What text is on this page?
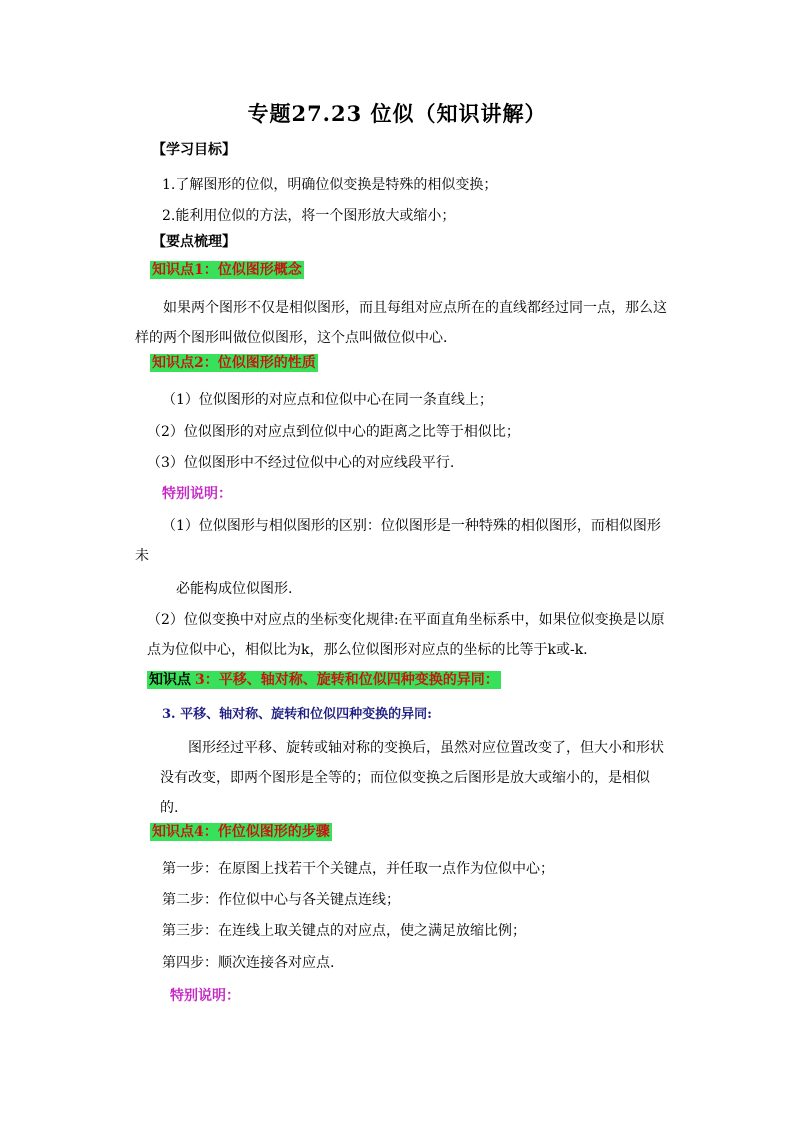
专题27.23 位似（知识讲解）
【学习目标】
1.了解图形的位似，明确位似变换是特殊的相似变换；
2.能利用位似的方法，将一个图形放大或缩小；
【要点梳理】
知识点1：位似图形概念
如果两个图形不仅是相似图形，而且每组对应点所在的直线都经过同一点，那么这
样的两个图形叫做位似图形，这个点叫做位似中心．
知识点2：位似图形的性质
（1）位似图形的对应点和位似中心在同一条直线上；
（2）位似图形的对应点到位似中心的距离之比等于相似比；
（3）位似图形中不经过位似中心的对应线段平行.
特别说明：
（1）位似图形与相似图形的区别：位似图形是一种特殊的相似图形，而相似图形
未
必能构成位似图形.
（2）位似变换中对应点的坐标变化规律:在平面直角坐标系中，如果位似变换是以原
点为位似中心，相似比为k，那么位似图形对应点的坐标的比等于k或-k.
知识点 3：平移、轴对称、旋转和位似四种变换的异同：
3. 平移、轴对称、旋转和位似四种变换的异同:
图形经过平移、旋转或轴对称的变换后，虽然对应位置改变了，但大小和形状
没有改变，即两个图形是全等的；而位似变换之后图形是放大或缩小的，是相似
的.
知识点4：作位似图形的步骤
第一步：在原图上找若干个关键点，并任取一点作为位似中心；
第二步：作位似中心与各关键点连线；
第三步：在连线上取关键点的对应点，使之满足放缩比例；
第四步：顺次连接各对应点.
特别说明：
